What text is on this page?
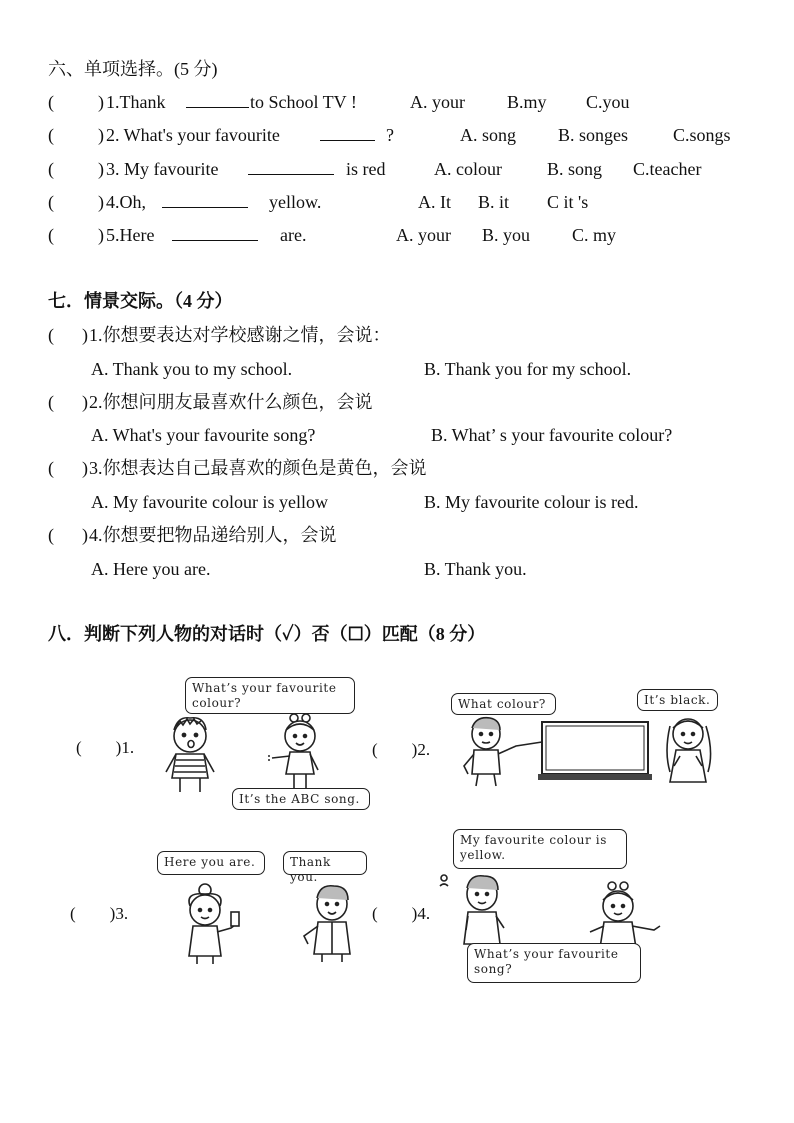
六、单项选择。(5 分)
( ) 1.Thank	to School TV !	A. your B.my C.you
( ) 2. What's your favourite	?	A. song B. songes C.songs
( ) 3. My favourite	is red	A. colour	B. song C.teacher
( ) 4.Oh,	yellow.	A. It B. it C it 's
( ) 5.Here	are.	A. your B. you C. my
七．情景交际。（4 分）
( ) 1.你想要表达对学校感谢之情，会说：
A. Thank you to my school.	B. Thank you for my school.
( ) 2.你想问朋友最喜欢什么颜色，会说
A. What's your favourite song?	B. What’ s your favourite colour?
( ) 3.你想表达自己最喜欢的颜色是黄色，会说
A. My favourite colour is yellow	B. My favourite colour is red.
( ) 4.你想要把物品递给别人，会说
A. Here you are.	B. Thank you.
八．判断下列人物的对话时（✓）否（☐）匹配（8 分）
What’s your favourite colour?
(　　)1.
It’s the ABC song.
(　　)2.
What colour?	It’s black.
(　　)3.
Here you are.	Thank you.
(　　)4.
My favourite colour is yellow.
What’s your favourite song?
